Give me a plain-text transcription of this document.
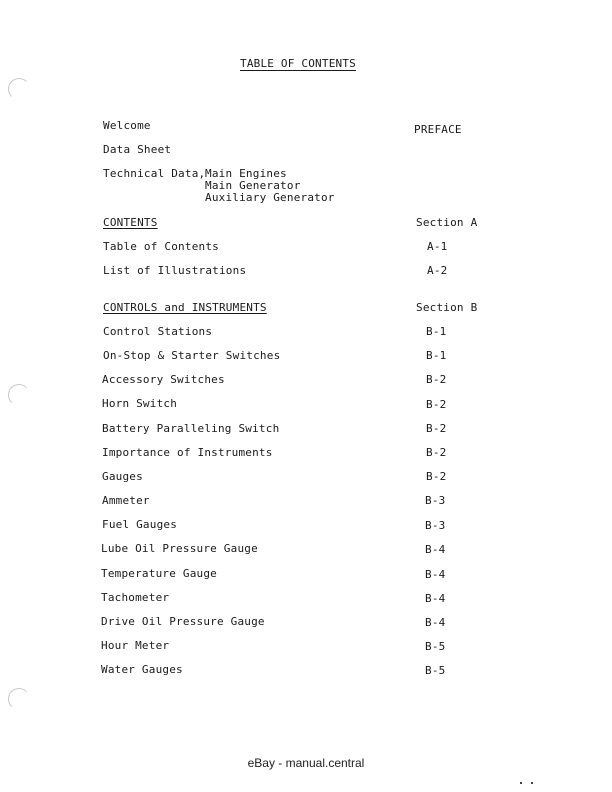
TABLE OF CONTENTS
Welcome	PREFACE
Data Sheet
Technical Data, Main Engines
Main Generator
Auxiliary Generator
CONTENTS	Section A
Table of Contents	A-1
List of Illustrations	A-2
CONTROLS and INSTRUMENTS	Section B
Control Stations	B-1
On-Stop & Starter Switches	B-1
Accessory Switches	B-2
Horn Switch	B-2
Battery Paralleling Switch	B-2
Importance of Instruments	B-2
Gauges	B-2
Ammeter	B-3
Fuel Gauges	B-3
Lube Oil Pressure Gauge	B-4
Temperature Gauge	B-4
Tachometer	B-4
Drive Oil Pressure Gauge	B-4
Hour Meter	B-5
Water Gauges	B-5
eBay - manual.central
